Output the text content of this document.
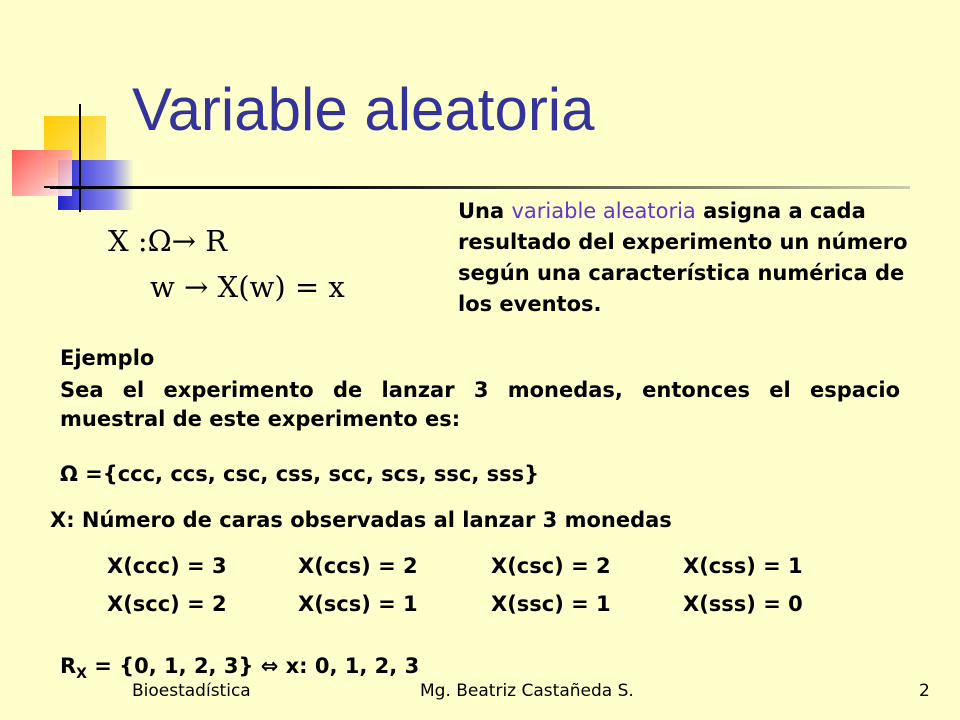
Variable aleatoria
X :Ω→ R
w → X(w) = x
Una variable aleatoria asigna a cada resultado del experimento un número según una característica numérica de los eventos.
Ejemplo
Sea el experimento de lanzar 3 monedas, entonces el espacio muestral de este experimento es:
Ω ={ccc, ccs, csc, css, scc, scs, ssc, sss}
X: Número de caras observadas al lanzar 3 monedas
X(ccc) = 3	X(ccs) = 2	X(csc) = 2	X(css) = 1
X(scc) = 2	X(scs) = 1	X(ssc) = 1	X(sss) = 0
$R_X = \{0$, 1, 2, 3} ⇔ x: 0, 1, 2, 3
Bioestadística	Mg. Beatriz Castañeda S.	2
